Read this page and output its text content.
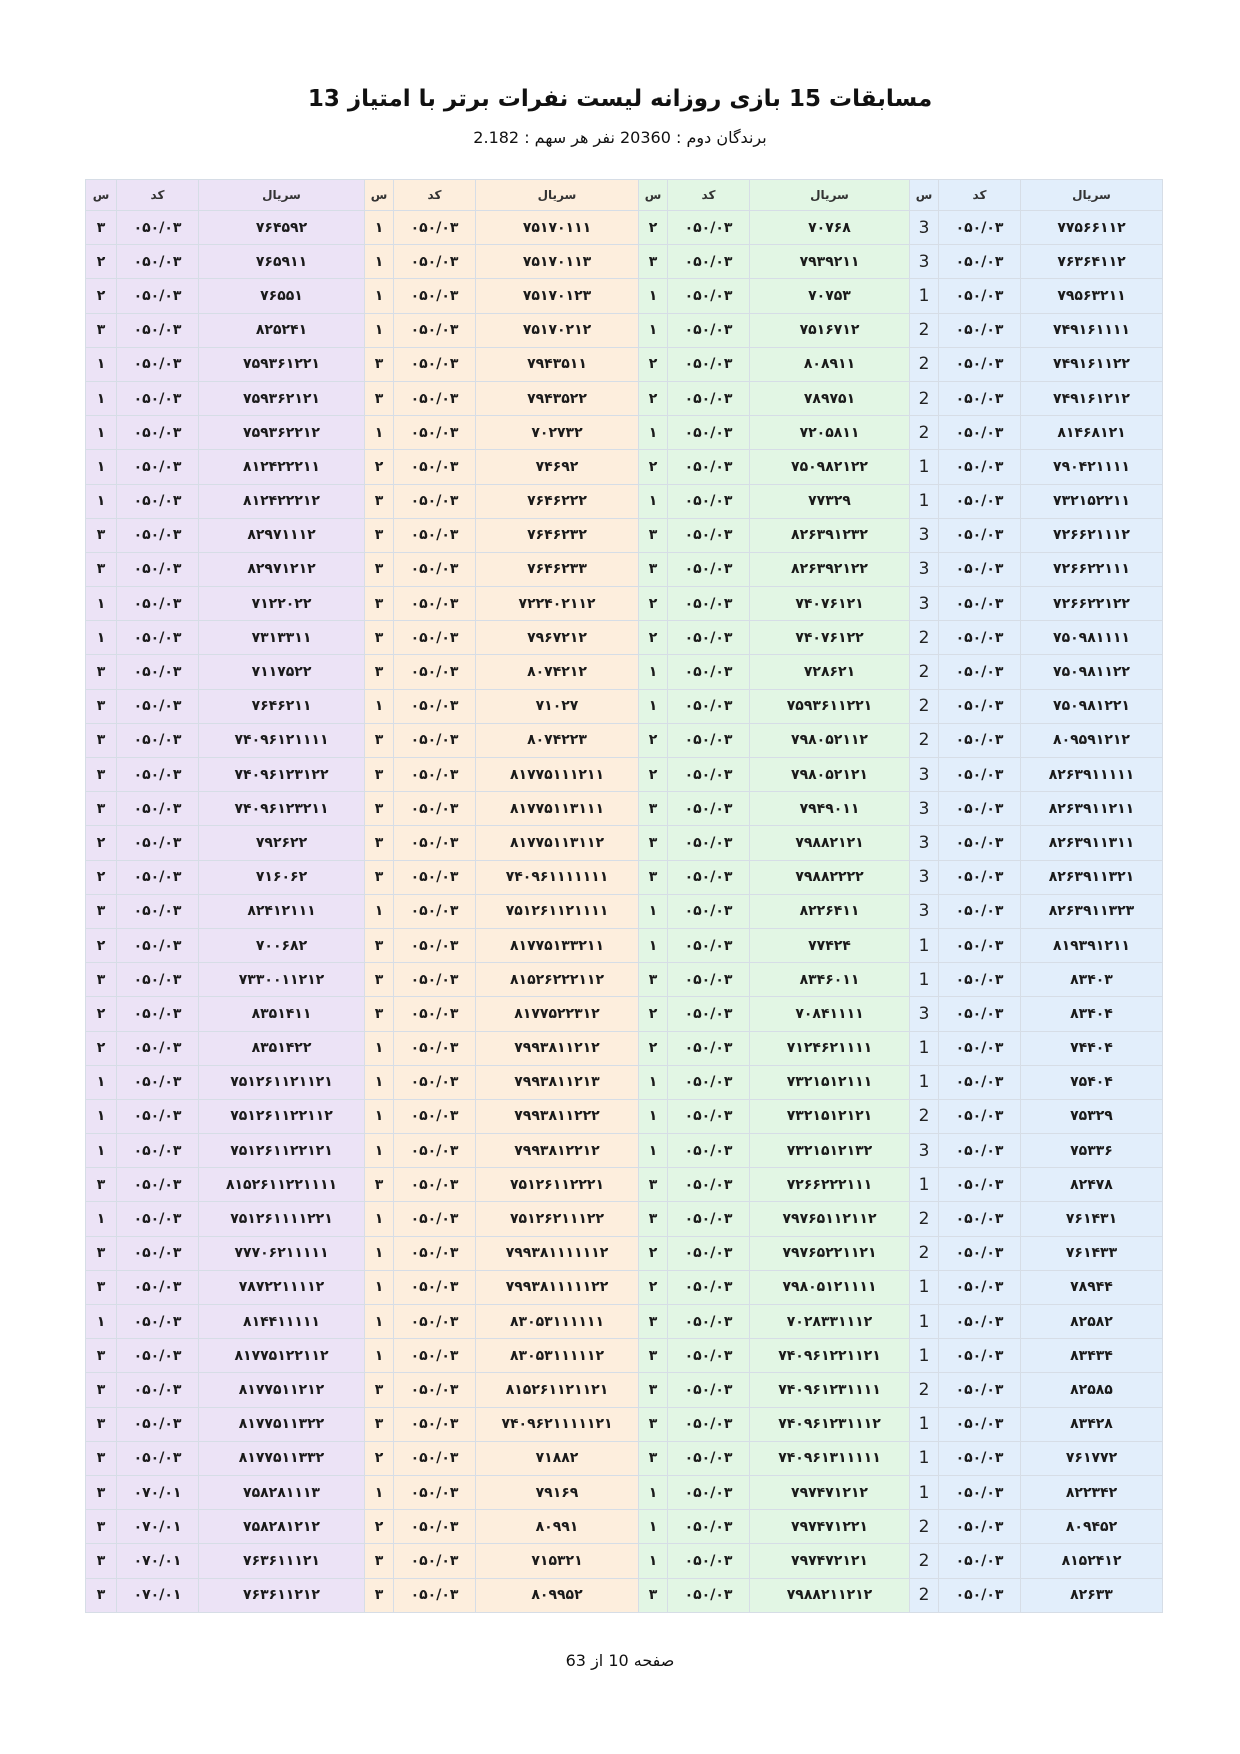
مسابقات 15 بازی روزانه لیست نفرات برتر با امتیاز 13
برندگان دوم : 20360 نفر هر سهم : 2.182
سریال	کد	س	سریال	کد	س	سریال	کد	س	سریال	کد	س
۷۷۵۶۶۱۱۲	۰۵۰/۰۳	3	۷۰۷۶۸	۰۵۰/۰۳	۲	۷۵۱۷۰۱۱۱	۰۵۰/۰۳	۱	۷۶۴۵۹۲	۰۵۰/۰۳	۳
۷۶۳۶۴۱۱۲	۰۵۰/۰۳	3	۷۹۳۹۲۱۱	۰۵۰/۰۳	۳	۷۵۱۷۰۱۱۳	۰۵۰/۰۳	۱	۷۶۵۹۱۱	۰۵۰/۰۳	۲
۷۹۵۶۳۲۱۱	۰۵۰/۰۳	1	۷۰۷۵۳	۰۵۰/۰۳	۱	۷۵۱۷۰۱۲۳	۰۵۰/۰۳	۱	۷۶۵۵۱	۰۵۰/۰۳	۲
۷۴۹۱۶۱۱۱۱	۰۵۰/۰۳	2	۷۵۱۶۷۱۲	۰۵۰/۰۳	۱	۷۵۱۷۰۲۱۲	۰۵۰/۰۳	۱	۸۲۵۲۴۱	۰۵۰/۰۳	۳
۷۴۹۱۶۱۱۲۲	۰۵۰/۰۳	2	۸۰۸۹۱۱	۰۵۰/۰۳	۲	۷۹۴۳۵۱۱	۰۵۰/۰۳	۳	۷۵۹۳۶۱۲۲۱	۰۵۰/۰۳	۱
۷۴۹۱۶۱۲۱۲	۰۵۰/۰۳	2	۷۸۹۷۵۱	۰۵۰/۰۳	۲	۷۹۴۳۵۲۲	۰۵۰/۰۳	۳	۷۵۹۳۶۲۱۲۱	۰۵۰/۰۳	۱
۸۱۴۶۸۱۲۱	۰۵۰/۰۳	2	۷۲۰۵۸۱۱	۰۵۰/۰۳	۱	۷۰۲۷۳۲	۰۵۰/۰۳	۱	۷۵۹۳۶۲۲۱۲	۰۵۰/۰۳	۱
۷۹۰۴۲۱۱۱۱	۰۵۰/۰۳	1	۷۵۰۹۸۲۱۲۲	۰۵۰/۰۳	۲	۷۴۶۹۲	۰۵۰/۰۳	۲	۸۱۲۴۲۲۲۱۱	۰۵۰/۰۳	۱
۷۳۲۱۵۲۲۱۱	۰۵۰/۰۳	1	۷۷۳۲۹	۰۵۰/۰۳	۱	۷۶۴۶۲۲۲	۰۵۰/۰۳	۳	۸۱۲۴۲۲۲۱۲	۰۵۰/۰۳	۱
۷۲۶۶۲۱۱۱۲	۰۵۰/۰۳	3	۸۲۶۳۹۱۲۳۲	۰۵۰/۰۳	۳	۷۶۴۶۲۳۲	۰۵۰/۰۳	۳	۸۲۹۷۱۱۱۲	۰۵۰/۰۳	۳
۷۲۶۶۲۲۱۱۱	۰۵۰/۰۳	3	۸۲۶۳۹۲۱۲۲	۰۵۰/۰۳	۳	۷۶۴۶۲۳۳	۰۵۰/۰۳	۳	۸۲۹۷۱۲۱۲	۰۵۰/۰۳	۳
۷۲۶۶۲۲۱۲۲	۰۵۰/۰۳	3	۷۴۰۷۶۱۲۱	۰۵۰/۰۳	۲	۷۲۲۴۰۲۱۱۲	۰۵۰/۰۳	۳	۷۱۲۲۰۲۲	۰۵۰/۰۳	۱
۷۵۰۹۸۱۱۱۱	۰۵۰/۰۳	2	۷۴۰۷۶۱۲۲	۰۵۰/۰۳	۲	۷۹۶۷۲۱۲	۰۵۰/۰۳	۳	۷۳۱۳۳۱۱	۰۵۰/۰۳	۱
۷۵۰۹۸۱۱۲۲	۰۵۰/۰۳	2	۷۲۸۶۲۱	۰۵۰/۰۳	۱	۸۰۷۴۲۱۲	۰۵۰/۰۳	۳	۷۱۱۷۵۲۲	۰۵۰/۰۳	۳
۷۵۰۹۸۱۲۲۱	۰۵۰/۰۳	2	۷۵۹۳۶۱۱۲۲۱	۰۵۰/۰۳	۱	۷۱۰۲۷	۰۵۰/۰۳	۱	۷۶۴۶۲۱۱	۰۵۰/۰۳	۳
۸۰۹۵۹۱۲۱۲	۰۵۰/۰۳	2	۷۹۸۰۵۲۱۱۲	۰۵۰/۰۳	۲	۸۰۷۴۲۲۳	۰۵۰/۰۳	۳	۷۴۰۹۶۱۲۱۱۱۱	۰۵۰/۰۳	۳
۸۲۶۳۹۱۱۱۱۱	۰۵۰/۰۳	3	۷۹۸۰۵۲۱۲۱	۰۵۰/۰۳	۲	۸۱۷۷۵۱۱۱۲۱۱	۰۵۰/۰۳	۳	۷۴۰۹۶۱۲۳۱۲۲	۰۵۰/۰۳	۳
۸۲۶۳۹۱۱۲۱۱	۰۵۰/۰۳	3	۷۹۴۹۰۱۱	۰۵۰/۰۳	۳	۸۱۷۷۵۱۱۳۱۱۱	۰۵۰/۰۳	۳	۷۴۰۹۶۱۲۳۲۱۱	۰۵۰/۰۳	۳
۸۲۶۳۹۱۱۳۱۱	۰۵۰/۰۳	3	۷۹۸۸۲۱۲۱	۰۵۰/۰۳	۳	۸۱۷۷۵۱۱۳۱۱۲	۰۵۰/۰۳	۳	۷۹۲۶۲۲	۰۵۰/۰۳	۲
۸۲۶۳۹۱۱۳۲۱	۰۵۰/۰۳	3	۷۹۸۸۲۲۲۲	۰۵۰/۰۳	۳	۷۴۰۹۶۱۱۱۱۱۱۱	۰۵۰/۰۳	۳	۷۱۶۰۶۲	۰۵۰/۰۳	۲
۸۲۶۳۹۱۱۳۲۳	۰۵۰/۰۳	3	۸۲۲۶۴۱۱	۰۵۰/۰۳	۱	۷۵۱۲۶۱۱۲۱۱۱۱	۰۵۰/۰۳	۱	۸۲۴۱۲۱۱۱	۰۵۰/۰۳	۳
۸۱۹۳۹۱۲۱۱	۰۵۰/۰۳	1	۷۷۴۲۴	۰۵۰/۰۳	۱	۸۱۷۷۵۱۳۳۲۱۱	۰۵۰/۰۳	۳	۷۰۰۶۸۲	۰۵۰/۰۳	۲
۸۳۴۰۳	۰۵۰/۰۳	1	۸۳۴۶۰۱۱	۰۵۰/۰۳	۳	۸۱۵۲۶۲۲۲۱۱۲	۰۵۰/۰۳	۳	۷۳۳۰۰۱۱۲۱۲	۰۵۰/۰۳	۳
۸۳۴۰۴	۰۵۰/۰۳	3	۷۰۸۴۱۱۱۱	۰۵۰/۰۳	۲	۸۱۷۷۵۲۲۳۱۲	۰۵۰/۰۳	۳	۸۳۵۱۴۱۱	۰۵۰/۰۳	۲
۷۴۴۰۴	۰۵۰/۰۳	1	۷۱۲۴۶۲۱۱۱۱	۰۵۰/۰۳	۲	۷۹۹۳۸۱۱۲۱۲	۰۵۰/۰۳	۱	۸۳۵۱۴۲۲	۰۵۰/۰۳	۲
۷۵۴۰۴	۰۵۰/۰۳	1	۷۳۲۱۵۱۲۱۱۱	۰۵۰/۰۳	۱	۷۹۹۳۸۱۱۲۱۳	۰۵۰/۰۳	۱	۷۵۱۲۶۱۱۲۱۱۲۱	۰۵۰/۰۳	۱
۷۵۳۲۹	۰۵۰/۰۳	2	۷۳۲۱۵۱۲۱۲۱	۰۵۰/۰۳	۱	۷۹۹۳۸۱۱۲۲۲	۰۵۰/۰۳	۱	۷۵۱۲۶۱۱۲۲۱۱۲	۰۵۰/۰۳	۱
۷۵۳۳۶	۰۵۰/۰۳	3	۷۳۲۱۵۱۲۱۳۲	۰۵۰/۰۳	۱	۷۹۹۳۸۱۲۲۱۲	۰۵۰/۰۳	۱	۷۵۱۲۶۱۱۲۲۱۲۱	۰۵۰/۰۳	۱
۸۲۴۷۸	۰۵۰/۰۳	1	۷۲۶۶۲۲۲۱۱۱	۰۵۰/۰۳	۳	۷۵۱۲۶۱۱۲۲۲۱	۰۵۰/۰۳	۳	۸۱۵۲۶۱۱۲۲۱۱۱۱	۰۵۰/۰۳	۳
۷۶۱۴۳۱	۰۵۰/۰۳	2	۷۹۷۶۵۱۱۲۱۱۲	۰۵۰/۰۳	۳	۷۵۱۲۶۲۱۱۱۲۲	۰۵۰/۰۳	۱	۷۵۱۲۶۱۱۱۱۲۲۱	۰۵۰/۰۳	۱
۷۶۱۴۳۳	۰۵۰/۰۳	2	۷۹۷۶۵۲۲۱۱۲۱	۰۵۰/۰۳	۲	۷۹۹۳۸۱۱۱۱۱۱۲	۰۵۰/۰۳	۱	۷۷۷۰۶۲۱۱۱۱۱	۰۵۰/۰۳	۳
۷۸۹۴۴	۰۵۰/۰۳	1	۷۹۸۰۵۱۲۱۱۱۱	۰۵۰/۰۳	۲	۷۹۹۳۸۱۱۱۱۱۲۲	۰۵۰/۰۳	۱	۷۸۷۲۲۱۱۱۱۲	۰۵۰/۰۳	۳
۸۲۵۸۲	۰۵۰/۰۳	1	۷۰۲۸۳۳۱۱۱۲	۰۵۰/۰۳	۳	۸۳۰۵۳۱۱۱۱۱۱	۰۵۰/۰۳	۱	۸۱۴۴۱۱۱۱۱	۰۵۰/۰۳	۱
۸۳۴۳۴	۰۵۰/۰۳	1	۷۴۰۹۶۱۲۲۱۱۲۱	۰۵۰/۰۳	۳	۸۳۰۵۳۱۱۱۱۱۲	۰۵۰/۰۳	۱	۸۱۷۷۵۱۲۲۱۱۲	۰۵۰/۰۳	۳
۸۲۵۸۵	۰۵۰/۰۳	2	۷۴۰۹۶۱۲۳۱۱۱۱	۰۵۰/۰۳	۳	۸۱۵۲۶۱۱۲۱۱۲۱	۰۵۰/۰۳	۳	۸۱۷۷۵۱۱۲۱۲	۰۵۰/۰۳	۳
۸۳۴۲۸	۰۵۰/۰۳	1	۷۴۰۹۶۱۲۳۱۱۱۲	۰۵۰/۰۳	۳	۷۴۰۹۶۲۱۱۱۱۱۲۱	۰۵۰/۰۳	۳	۸۱۷۷۵۱۱۳۲۲	۰۵۰/۰۳	۳
۷۶۱۷۷۲	۰۵۰/۰۳	1	۷۴۰۹۶۱۳۱۱۱۱۱	۰۵۰/۰۳	۳	۷۱۸۸۲	۰۵۰/۰۳	۲	۸۱۷۷۵۱۱۳۳۲	۰۵۰/۰۳	۳
۸۲۲۳۴۲	۰۵۰/۰۳	1	۷۹۷۴۷۱۲۱۲	۰۵۰/۰۳	۱	۷۹۱۶۹	۰۵۰/۰۳	۱	۷۵۸۲۸۱۱۱۳	۰۷۰/۰۱	۳
۸۰۹۴۵۲	۰۵۰/۰۳	2	۷۹۷۴۷۱۲۲۱	۰۵۰/۰۳	۱	۸۰۹۹۱	۰۵۰/۰۳	۲	۷۵۸۲۸۱۲۱۲	۰۷۰/۰۱	۳
۸۱۵۲۴۱۲	۰۵۰/۰۳	2	۷۹۷۴۷۲۱۲۱	۰۵۰/۰۳	۱	۷۱۵۳۲۱	۰۵۰/۰۳	۳	۷۶۳۶۱۱۱۲۱	۰۷۰/۰۱	۳
۸۲۶۳۳	۰۵۰/۰۳	2	۷۹۸۸۲۱۱۲۱۲	۰۵۰/۰۳	۳	۸۰۹۹۵۲	۰۵۰/۰۳	۳	۷۶۳۶۱۱۲۱۲	۰۷۰/۰۱	۳
صفحه 10 از 63
